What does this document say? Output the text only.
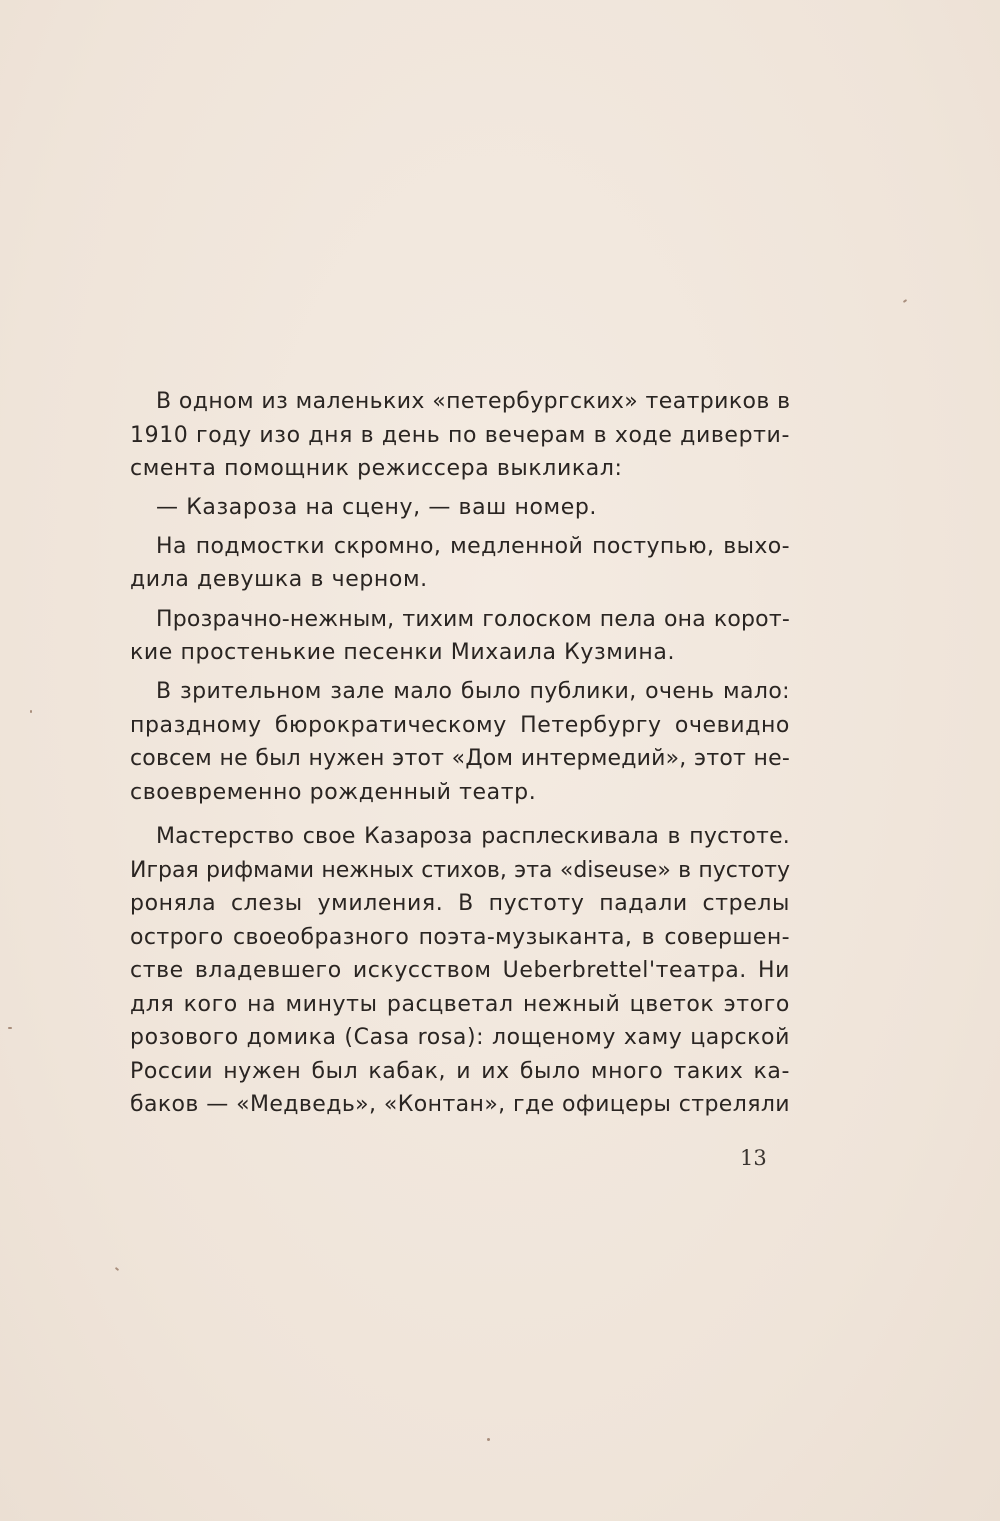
В одном из маленьких «петербургских» театриков в
1910 году изо дня в день по вечерам в ходе диверти-
смента помощник режиссера выкликал:
— Казароза на сцену, — ваш номер.
На подмостки скромно, медленной поступью, выхо-
дила девушка в черном.
Прозрачно-нежным, тихим голоском пела она корот-
кие простенькие песенки Михаила Кузмина.
В зрительном зале мало было публики, очень мало:
праздному бюрократическому Петербургу очевидно
совсем не был нужен этот «Дом интермедий», этот не-
своевременно рожденный театр.
Мастерство свое Казароза расплескивала в пустоте.
Играя рифмами нежных стихов, эта «diseuse» в пустоту
роняла слезы умиления. В пустоту падали стрелы
острого своеобразного поэта-музыканта, в совершен-
стве владевшего искусством Ueberbrettel'театра. Ни
для кого на минуты расцветал нежный цветок этого
розового домика (Casa rosa): лощеному хаму царской
России нужен был кабак, и их было много таких ка-
баков — «Медведь», «Контан», где офицеры стреляли
13
